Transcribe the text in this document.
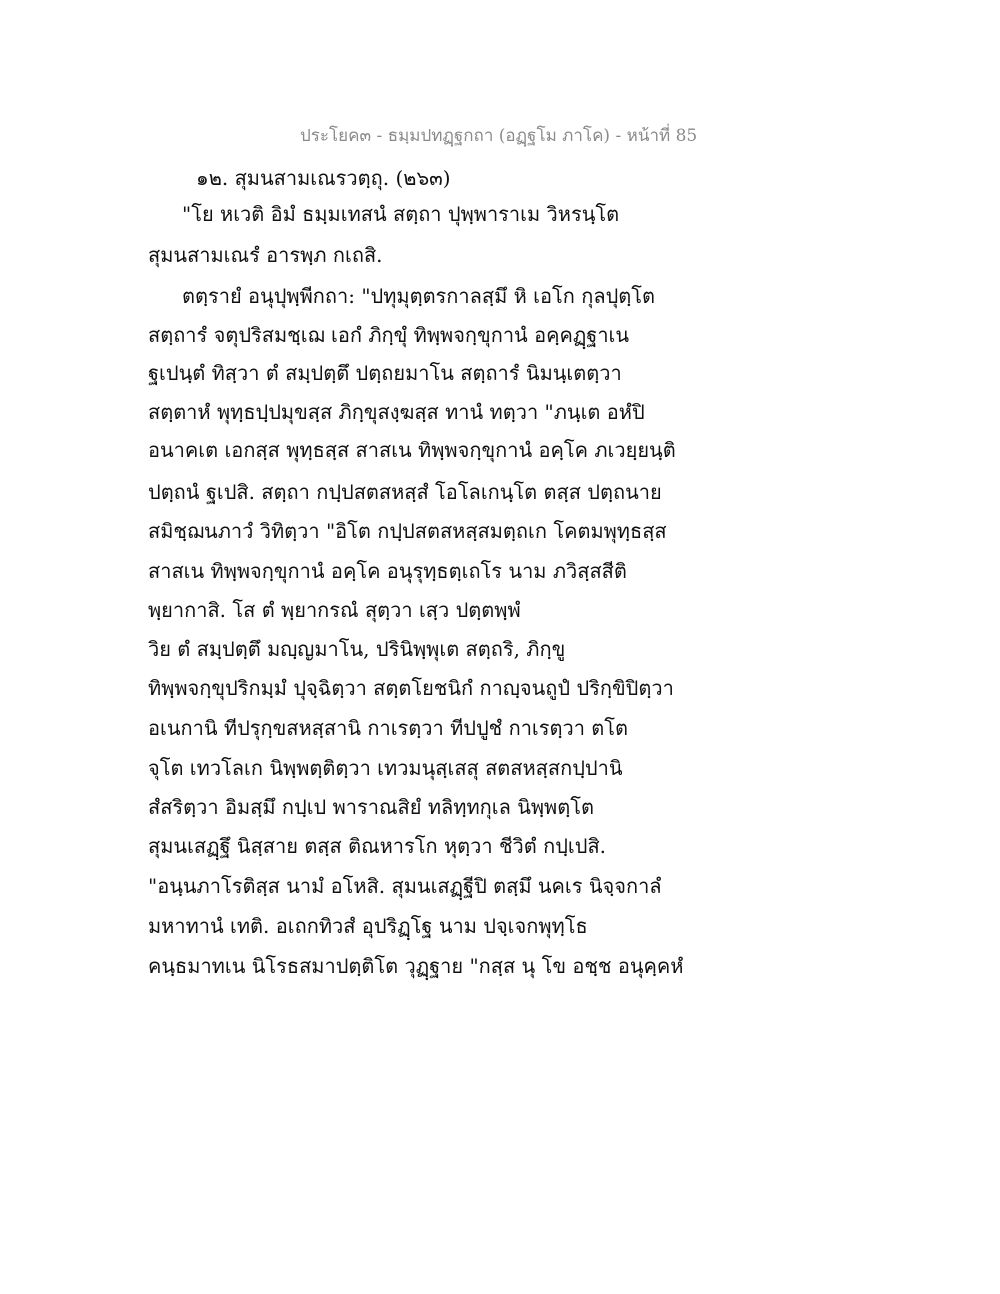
ประโยค๓ - ธมฺมปทฏฺฐกถา (อฏฺฐโม ภาโค) - หน้าที่ 85
๑๒. สุมนสามเณรวตฺถุ. (๒๖๓)
"โย หเวติ อิมํ ธมฺมเทสนํ สตฺถา ปุพฺพาราเม วิหรนฺโต
สุมนสามเณรํ อารพฺภ กเถสิ.
ตตฺรายํ อนุปุพฺพีกถา: "ปทุมุตฺตรกาลสฺมึ หิ เอโก กุลปุตฺโต
สตฺถารํ จตุปริสมชฺเฌ เอกํ ภิกฺขุํ ทิพฺพจกฺขุกานํ อคฺคฏฺฐาเน
ฐเปนฺตํ ทิสฺวา ตํ สมฺปตฺตึ ปตฺถยมาโน สตฺถารํ นิมนฺเตตฺวา
สตฺตาหํ พุทฺธปฺปมุขสฺส ภิกฺขุสงฺฆสฺส ทานํ ทตฺวา "ภนฺเต อหํปิ
อนาคเต เอกสฺส พุทฺธสฺส สาสเน ทิพฺพจกฺขุกานํ อคฺโค ภเวยฺยนฺติ
ปตฺถนํ ฐเปสิ. สตฺถา กปฺปสตสหสฺสํ โอโลเกนฺโต ตสฺส ปตฺถนาย
สมิชฺฌนภาวํ วิทิตฺวา "อิโต กปฺปสตสหสฺสมตฺถเก โคตมพุทฺธสฺส
สาสเน ทิพฺพจกฺขุกานํ อคฺโค อนุรุทฺธตฺเถโร นาม ภวิสฺสสีติ
พฺยากาสิ. โส ตํ พฺยากรณํ สุตฺวา เสฺว ปตฺตพฺพํ
วิย ตํ สมฺปตฺตึ มญฺญมาโน, ปรินิพฺพุเต สตฺถริ, ภิกฺขู
ทิพฺพจกฺขุปริกมฺมํ ปุจฺฉิตฺวา สตฺตโยชนิกํ กาญฺจนถูปํ ปริกฺขิปิตฺวา
อเนกานิ ทีปรุกฺขสหสฺสานิ กาเรตฺวา ทีปปูชํ กาเรตฺวา ตโต
จุโต เทวโลเก นิพฺพตฺติตฺวา เทวมนุสฺเสสุ สตสหสฺสกปฺปานิ
สํสริตฺวา อิมสฺมึ กปฺเป พาราณสิยํ ทลิทฺทกุเล นิพฺพตฺโต
สุมนเสฏฺฐึ นิสฺสาย ตสฺส ติณหารโก หุตฺวา ชีวิตํ กปฺเปสิ.
"อนฺนภาโรติสฺส นามํ อโหสิ. สุมนเสฏฺฐีปิ ตสฺมึ นคเร นิจฺจกาลํ
มหาทานํ เทติ. อเถกทิวสํ อุปริฏฺโฐ นาม ปจฺเจกพุทฺโธ
คนฺธมาทเน นิโรธสมาปตฺติโต วุฏฺฐาย "กสฺส นุ โข อชฺช อนุคฺคหํ
